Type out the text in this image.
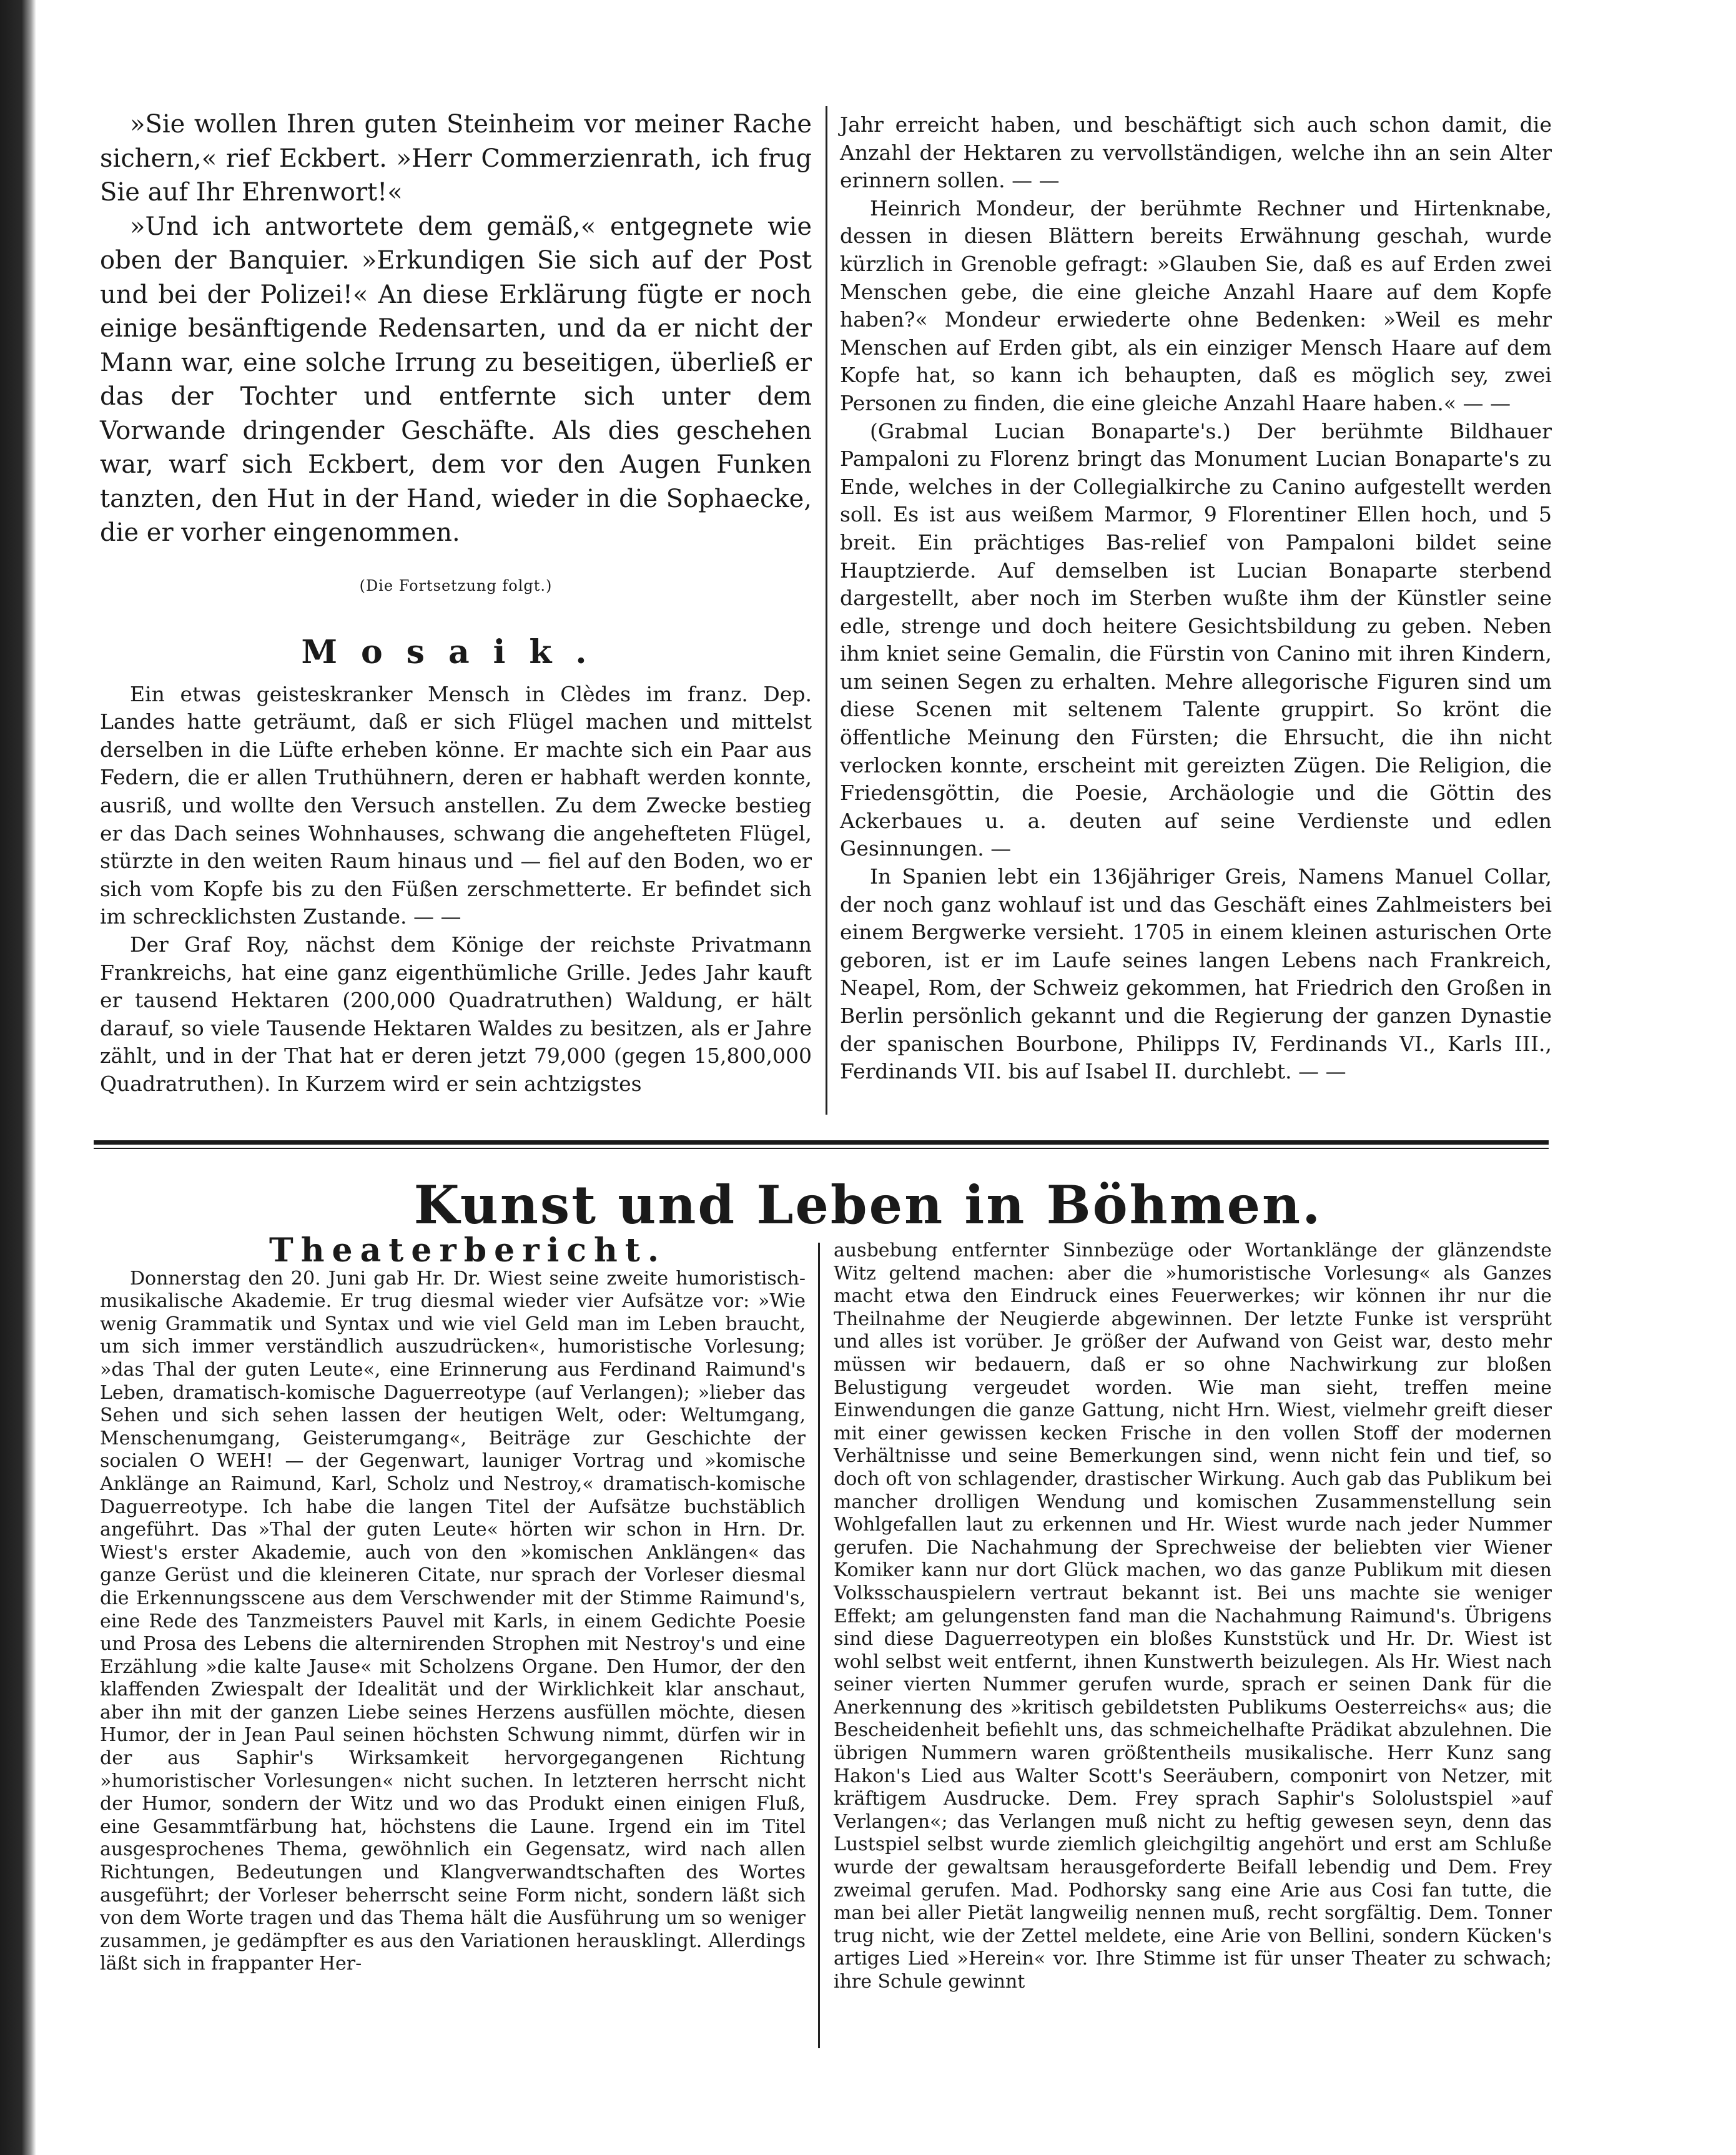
»Sie wollen Ihren guten Steinheim vor meiner Rache sichern,« rief Eckbert. »Herr Commerzienrath, ich frug Sie auf Ihr Ehrenwort!«

»Und ich antwortete dem gemäß,« entgegnete wie oben der Banquier. »Erkundigen Sie sich auf der Post und bei der Polizei!« An diese Erklärung fügte er noch einige besänftigende Redensarten, und da er nicht der Mann war, eine solche Irrung zu beseitigen, überließ er das der Tochter und entfernte sich unter dem Vorwande dringender Geschäfte. Als dies geschehen war, warf sich Eckbert, dem vor den Augen Funken tanzten, den Hut in der Hand, wieder in die Sophaecke, die er vorher eingenommen.

(Die Fortsetzung folgt.)

Mosaik.

Ein etwas geisteskranker Mensch in Clèdes im franz. Dep. Landes hatte geträumt, daß er sich Flügel machen und mittelst derselben in die Lüfte erheben könne. Er machte sich ein Paar aus Federn, die er allen Truthühnern, deren er habhaft werden konnte, ausriß, und wollte den Versuch anstellen. Zu dem Zwecke bestieg er das Dach seines Wohnhauses, schwang die angehefteten Flügel, stürzte in den weiten Raum hinaus und — fiel auf den Boden, wo er sich vom Kopfe bis zu den Füßen zerschmetterte. Er befindet sich im schrecklichsten Zustande. — —

Der Graf Roy, nächst dem Könige der reichste Privatmann Frankreichs, hat eine ganz eigenthümliche Grille. Jedes Jahr kauft er tausend Hektaren (200,000 Quadratruthen) Waldung, er hält darauf, so viele Tausende Hektaren Waldes zu besitzen, als er Jahre zählt, und in der That hat er deren jetzt 79,000 (gegen 15,800,000 Quadratruthen). In Kurzem wird er sein achtzigstes

Jahr erreicht haben, und beschäftigt sich auch schon damit, die Anzahl der Hektaren zu vervollständigen, welche ihn an sein Alter erinnern sollen. — —

Heinrich Mondeur, der berühmte Rechner und Hirtenknabe, dessen in diesen Blättern bereits Erwähnung geschah, wurde kürzlich in Grenoble gefragt: »Glauben Sie, daß es auf Erden zwei Menschen gebe, die eine gleiche Anzahl Haare auf dem Kopfe haben?« Mondeur erwiederte ohne Bedenken: »Weil es mehr Menschen auf Erden gibt, als ein einziger Mensch Haare auf dem Kopfe hat, so kann ich behaupten, daß es möglich sey, zwei Personen zu finden, die eine gleiche Anzahl Haare haben.« — —

(Grabmal Lucian Bonaparte's.) Der berühmte Bildhauer Pampaloni zu Florenz bringt das Monument Lucian Bonaparte's zu Ende, welches in der Collegialkirche zu Canino aufgestellt werden soll. Es ist aus weißem Marmor, 9 Florentiner Ellen hoch, und 5 breit. Ein prächtiges Bas-relief von Pampaloni bildet seine Hauptzierde. Auf demselben ist Lucian Bonaparte sterbend dargestellt, aber noch im Sterben wußte ihm der Künstler seine edle, strenge und doch heitere Gesichtsbildung zu geben. Neben ihm kniet seine Gemalin, die Fürstin von Canino mit ihren Kindern, um seinen Segen zu erhalten. Mehre allegorische Figuren sind um diese Scenen mit seltenem Talente gruppirt. So krönt die öffentliche Meinung den Fürsten; die Ehrsucht, die ihn nicht verlocken konnte, erscheint mit gereizten Zügen. Die Religion, die Friedensgöttin, die Poesie, Archäologie und die Göttin des Ackerbaues u. a. deuten auf seine Verdienste und edlen Gesinnungen. —

In Spanien lebt ein 136jähriger Greis, Namens Manuel Collar, der noch ganz wohlauf ist und das Geschäft eines Zahlmeisters bei einem Bergwerke versieht. 1705 in einem kleinen asturischen Orte geboren, ist er im Laufe seines langen Lebens nach Frankreich, Neapel, Rom, der Schweiz gekommen, hat Friedrich den Großen in Berlin persönlich gekannt und die Regierung der ganzen Dynastie der spanischen Bourbone, Philipps IV, Ferdinands VI., Karls III., Ferdinands VII. bis auf Isabel II. durchlebt. — —

Kunst und Leben in Böhmen.

Theaterbericht.

Donnerstag den 20. Juni gab Hr. Dr. Wiest seine zweite humoristisch-musikalische Akademie. Er trug diesmal wieder vier Aufsätze vor: »Wie wenig Grammatik und Syntax und wie viel Geld man im Leben braucht, um sich immer verständlich auszudrücken«, humoristische Vorlesung; »das Thal der guten Leute«, eine Erinnerung aus Ferdinand Raimund's Leben, dramatisch-komische Daguerreotype (auf Verlangen); »lieber das Sehen und sich sehen lassen der heutigen Welt, oder: Weltumgang, Menschenumgang, Geisterumgang«, Beiträge zur Geschichte der socialen O WEH! — der Gegenwart, launiger Vortrag und »komische Anklänge an Raimund, Karl, Scholz und Nestroy,« dramatisch-komische Daguerreotype. Ich habe die langen Titel der Aufsätze buchstäblich angeführt. Das »Thal der guten Leute« hörten wir schon in Hrn. Dr. Wiest's erster Akademie, auch von den »komischen Anklängen« das ganze Gerüst und die kleineren Citate, nur sprach der Vorleser diesmal die Erkennungsscene aus dem Verschwender mit der Stimme Raimund's, eine Rede des Tanzmeisters Pauvel mit Karls, in einem Gedichte Poesie und Prosa des Lebens die alternirenden Strophen mit Nestroy's und eine Erzählung »die kalte Jause« mit Scholzens Organe. Den Humor, der den klaffenden Zwiespalt der Idealität und der Wirklichkeit klar anschaut, aber ihn mit der ganzen Liebe seines Herzens ausfüllen möchte, diesen Humor, der in Jean Paul seinen höchsten Schwung nimmt, dürfen wir in der aus Saphir's Wirksamkeit hervorgegangenen Richtung »humoristischer Vorlesungen« nicht suchen. In letzteren herrscht nicht der Humor, sondern der Witz und wo das Produkt einen einigen Fluß, eine Gesammtfärbung hat, höchstens die Laune. Irgend ein im Titel ausgesprochenes Thema, gewöhnlich ein Gegensatz, wird nach allen Richtungen, Bedeutungen und Klangverwandtschaften des Wortes ausgeführt; der Vorleser beherrscht seine Form nicht, sondern läßt sich von dem Worte tragen und das Thema hält die Ausführung um so weniger zusammen, je gedämpfter es aus den Variationen herausklingt. Allerdings läßt sich in frappanter Her-

ausbebung entfernter Sinnbezüge oder Wortanklänge der glänzendste Witz geltend machen: aber die »humoristische Vorlesung« als Ganzes macht etwa den Eindruck eines Feuerwerkes; wir können ihr nur die Theilnahme der Neugierde abgewinnen. Der letzte Funke ist versprüht und alles ist vorüber. Je größer der Aufwand von Geist war, desto mehr müssen wir bedauern, daß er so ohne Nachwirkung zur bloßen Belustigung vergeudet worden. Wie man sieht, treffen meine Einwendungen die ganze Gattung, nicht Hrn. Wiest, vielmehr greift dieser mit einer gewissen kecken Frische in den vollen Stoff der modernen Verhältnisse und seine Bemerkungen sind, wenn nicht fein und tief, so doch oft von schlagender, drastischer Wirkung. Auch gab das Publikum bei mancher drolligen Wendung und komischen Zusammenstellung sein Wohlgefallen laut zu erkennen und Hr. Wiest wurde nach jeder Nummer gerufen. Die Nachahmung der Sprechweise der beliebten vier Wiener Komiker kann nur dort Glück machen, wo das ganze Publikum mit diesen Volksschauspielern vertraut bekannt ist. Bei uns machte sie weniger Effekt; am gelungensten fand man die Nachahmung Raimund's. Übrigens sind diese Daguerreotypen ein bloßes Kunststück und Hr. Dr. Wiest ist wohl selbst weit entfernt, ihnen Kunstwerth beizulegen. Als Hr. Wiest nach seiner vierten Nummer gerufen wurde, sprach er seinen Dank für die Anerkennung des »kritisch gebildetsten Publikums Oesterreichs« aus; die Bescheidenheit befiehlt uns, das schmeichelhafte Prädikat abzulehnen. Die übrigen Nummern waren größtentheils musikalische. Herr Kunz sang Hakon's Lied aus Walter Scott's Seeräubern, componirt von Netzer, mit kräftigem Ausdrucke. Dem. Frey sprach Saphir's Sololustspiel »auf Verlangen«; das Verlangen muß nicht zu heftig gewesen seyn, denn das Lustspiel selbst wurde ziemlich gleichgiltig angehört und erst am Schluße wurde der gewaltsam herausgeforderte Beifall lebendig und Dem. Frey zweimal gerufen. Mad. Podhorsky sang eine Arie aus Cosi fan tutte, die man bei aller Pietät langweilig nennen muß, recht sorgfältig. Dem. Tonner trug nicht, wie der Zettel meldete, eine Arie von Bellini, sondern Kücken's artiges Lied »Herein« vor. Ihre Stimme ist für unser Theater zu schwach; ihre Schule gewinnt
